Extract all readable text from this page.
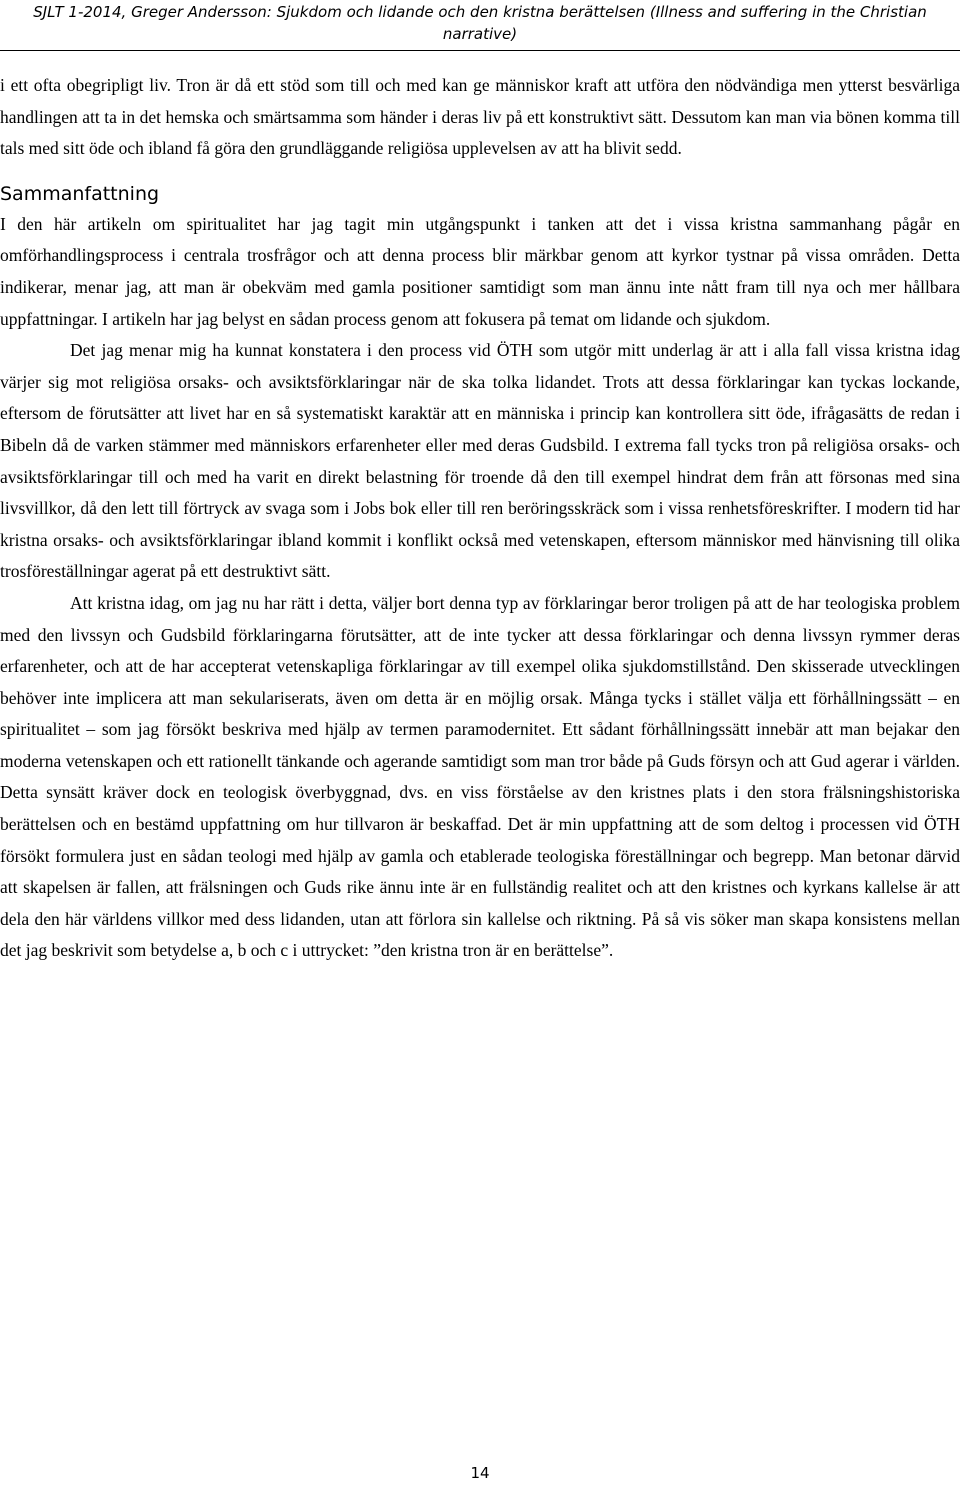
SJLT 1-2014, Greger Andersson: Sjukdom och lidande och den kristna berättelsen (Illness and suffering in the Christian narrative)

i ett ofta obegripligt liv. Tron är då ett stöd som till och med kan ge människor kraft att utföra den nödvändiga men ytterst besvärliga handlingen att ta in det hemska och smärtsamma som händer i deras liv på ett konstruktivt sätt. Dessutom kan man via bönen komma till tals med sitt öde och ibland få göra den grundläggande religiösa upplevelsen av att ha blivit sedd.

Sammanfattning

I den här artikeln om spiritualitet har jag tagit min utgångspunkt i tanken att det i vissa kristna sammanhang pågår en omförhandlingsprocess i centrala trosfrågor och att denna process blir märkbar genom att kyrkor tystnar på vissa områden. Detta indikerar, menar jag, att man är obekväm med gamla positioner samtidigt som man ännu inte nått fram till nya och mer hållbara uppfattningar. I artikeln har jag belyst en sådan process genom att fokusera på temat om lidande och sjukdom.

Det jag menar mig ha kunnat konstatera i den process vid ÖTH som utgör mitt underlag är att i alla fall vissa kristna idag värjer sig mot religiösa orsaks- och avsiktsförklaringar när de ska tolka lidandet. Trots att dessa förklaringar kan tyckas lockande, eftersom de förutsätter att livet har en så systematiskt karaktär att en människa i princip kan kontrollera sitt öde, ifrågasätts de redan i Bibeln då de varken stämmer med människors erfarenheter eller med deras Gudsbild. I extrema fall tycks tron på religiösa orsaks- och avsiktsförklaringar till och med ha varit en direkt belastning för troende då den till exempel hindrat dem från att försonas med sina livsvillkor, då den lett till förtryck av svaga som i Jobs bok eller till ren beröringsskräck som i vissa renhetsföreskrifter. I modern tid har kristna orsaks- och avsiktsförklaringar ibland kommit i konflikt också med vetenskapen, eftersom människor med hänvisning till olika trosföreställningar agerat på ett destruktivt sätt.

Att kristna idag, om jag nu har rätt i detta, väljer bort denna typ av förklaringar beror troligen på att de har teologiska problem med den livssyn och Gudsbild förklaringarna förutsätter, att de inte tycker att dessa förklaringar och denna livssyn rymmer deras erfarenheter, och att de har accepterat vetenskapliga förklaringar av till exempel olika sjukdomstillstånd. Den skisserade utvecklingen behöver inte implicera att man sekulariserats, även om detta är en möjlig orsak. Många tycks i stället välja ett förhållningssätt – en spiritualitet – som jag försökt beskriva med hjälp av termen paramodernitet. Ett sådant förhållningssätt innebär att man bejakar den moderna vetenskapen och ett rationellt tänkande och agerande samtidigt som man tror både på Guds försyn och att Gud agerar i världen. Detta synsätt kräver dock en teologisk överbyggnad, dvs. en viss förståelse av den kristnes plats i den stora frälsningshistoriska berättelsen och en bestämd uppfattning om hur tillvaron är beskaffad. Det är min uppfattning att de som deltog i processen vid ÖTH försökt formulera just en sådan teologi med hjälp av gamla och etablerade teologiska föreställningar och begrepp. Man betonar därvid att skapelsen är fallen, att frälsningen och Guds rike ännu inte är en fullständig realitet och att den kristnes och kyrkans kallelse är att dela den här världens villkor med dess lidanden, utan att förlora sin kallelse och riktning. På så vis söker man skapa konsistens mellan det jag beskrivit som betydelse a, b och c i uttrycket: ”den kristna tron är en berättelse”.

14
